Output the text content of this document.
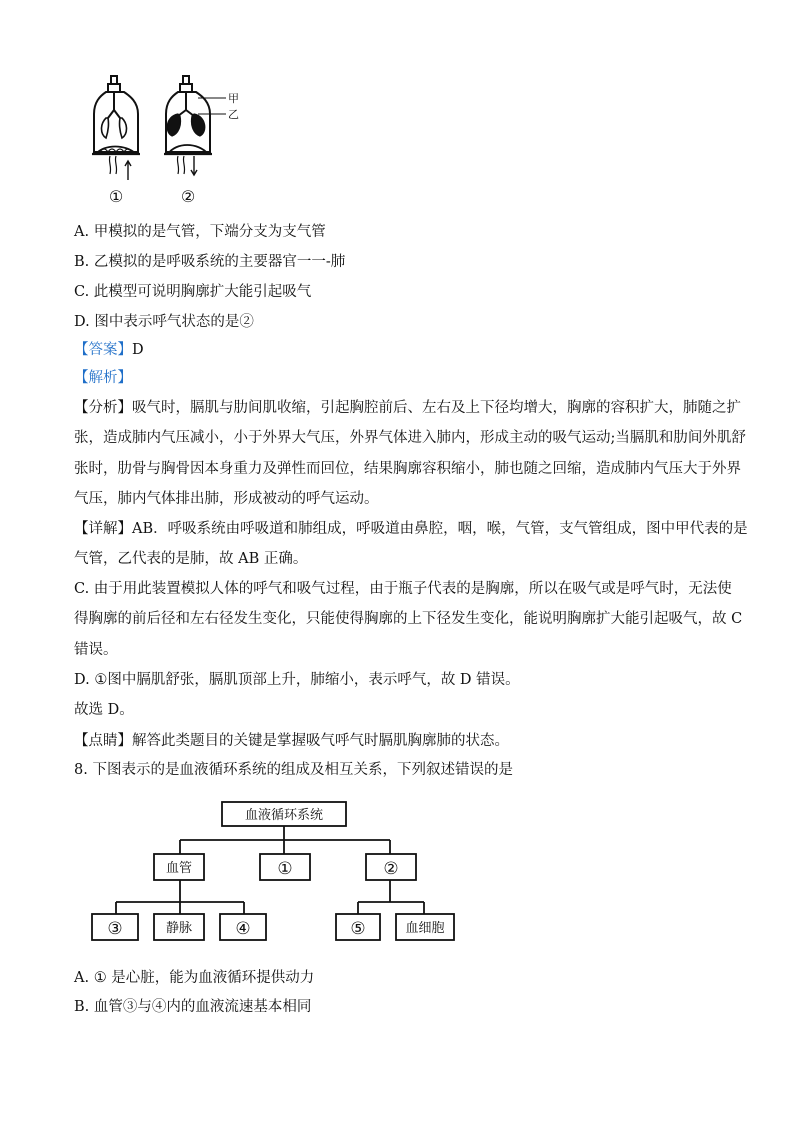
甲
乙
①	②
A. 甲模拟的是气管，下端分支为支气管
B. 乙模拟的是呼吸系统的主要器官一一-肺
C. 此模型可说明胸廓扩大能引起吸气
D. 图中表示呼气状态的是②
【答案】D
【解析】
【分析】吸气时，膈肌与肋间肌收缩，引起胸腔前后、左右及上下径均增大，胸廓的容积扩大，肺随之扩
张，造成肺内气压减小，小于外界大气压，外界气体进入肺内，形成主动的吸气运动;当膈肌和肋间外肌舒
张时，肋骨与胸骨因本身重力及弹性而回位，结果胸廓容积缩小，肺也随之回缩，造成肺内气压大于外界
气压，肺内气体排出肺，形成被动的呼气运动。
【详解】AB．呼吸系统由呼吸道和肺组成，呼吸道由鼻腔，咽，喉，气管，支气管组成，图中甲代表的是
气管，乙代表的是肺，故 AB 正确。
C. 由于用此装置模拟人体的呼气和吸气过程，由于瓶子代表的是胸廓，所以在吸气或是呼气时，无法使
得胸廓的前后径和左右径发生变化，只能使得胸廓的上下径发生变化，能说明胸廓扩大能引起吸气，故 C
错误。
D. ①图中膈肌舒张，膈肌顶部上升，肺缩小，表示呼气，故 D 错误。
故选 D。
【点睛】解答此类题目的关键是掌握吸气呼气时膈肌胸廓肺的状态。
8. 下图表示的是血液循环系统的组成及相互关系，下列叙述错误的是
血液循环系统
血管	①	②
③	静脉	④	⑤	血细胞
A. ① 是心脏，能为血液循环提供动力
B. 血管③与④内的血液流速基本相同
